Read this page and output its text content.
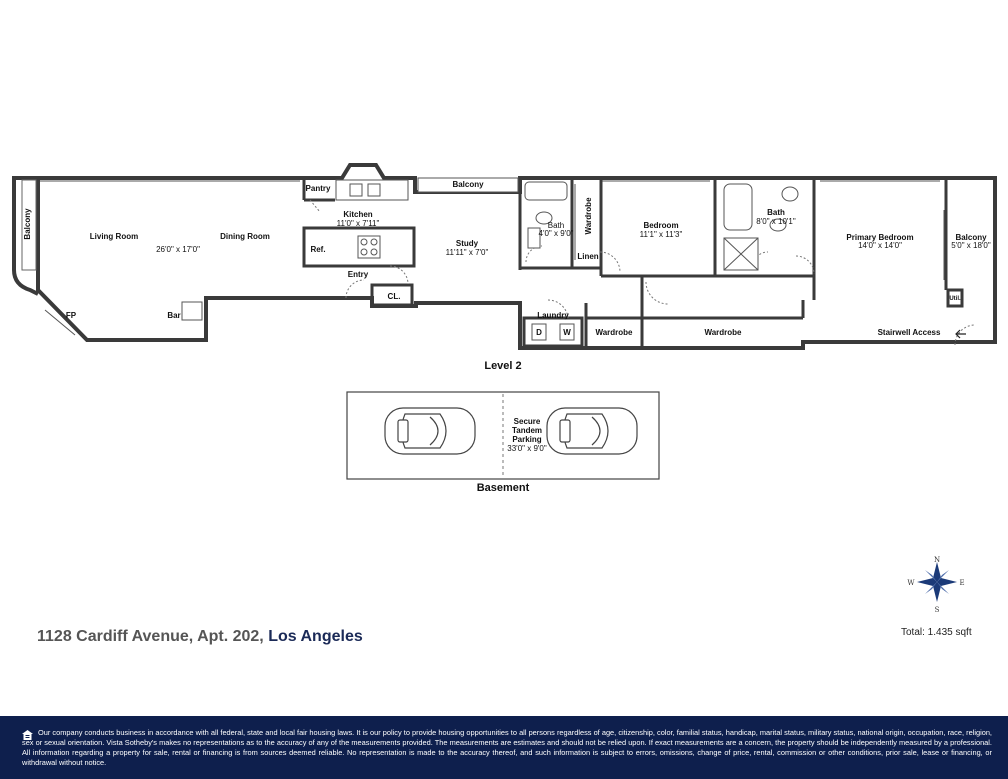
Balcony	Living Room
26'0" x 17'0"
Dining Room
Pantry
Kitchen
11'0" x 7'11"
Ref.
Balcony
Study
11'11" x 7'0"
Entry
CL.
FP	Bar
Bath
4'0" x 9'0" Wardrobe
Linen
Bedroom
11'1" x 11'3"
Bath
8'0" x 10'1"
Primary Bedroom
14'0" x 14'0"
Balcony
5'0" x 18'0"
Util.
Stairwell Access
Laundry
D	W	Wardrobe	Wardrobe
Level 2
Secure
Tandem
Parking
33'0" x 9'0"
Basement
N
S
E
W
1128 Cardiff Avenue, Apt. 202, Los Angeles	Total: 1.435 sqft

Our company conducts business in accordance with all federal, state and local fair housing laws. It is our policy to provide housing opportunities to all persons regardless of age, citizenship, color, familial status, handicap, marital status, military status, national origin, occupation, race, religion, sex or sexual orientation. Vista Sotheby's makes no representations as to the accuracy of any of the measurements provided. The measurements are estimates and should not be relied upon. If exact measurements are a concern, the property should be independently measured by a professional. All information regarding a property for sale, rental or financing is from sources deemed reliable. No representation is made to the accuracy thereof, and such information is subject to errors, omissions, change of price, rental, commission or other conditions, prior sale, lease or financing, or withdrawal without notice.
